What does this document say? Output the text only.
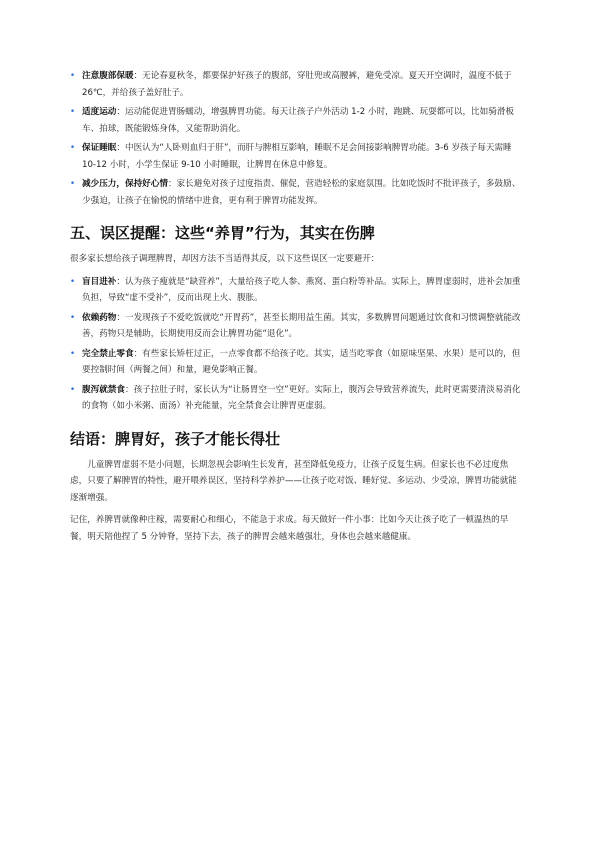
• 注意腹部保暖：无论春夏秋冬，都要保护好孩子的腹部，穿肚兜或高腰裤，避免受凉。夏天开空调时，温度不低于 26℃，并给孩子盖好肚子。
• 适度运动：运动能促进胃肠蠕动，增强脾胃功能。每天让孩子户外活动 1-2 小时，跑跳、玩耍都可以，比如骑滑板车、拍球，既能锻炼身体，又能帮助消化。
• 保证睡眠：中医认为“人卧则血归于肝”，而肝与脾相互影响，睡眠不足会间接影响脾胃功能。3-6 岁孩子每天需睡 10-12 小时，小学生保证 9-10 小时睡眠，让脾胃在休息中修复。
• 减少压力，保持好心情：家长避免对孩子过度指责、催促，营造轻松的家庭氛围。比如吃饭时不批评孩子，多鼓励、少强迫，让孩子在愉悦的情绪中进食，更有利于脾胃功能发挥。
五、误区提醒：这些“养胃”行为，其实在伤脾

很多家长想给孩子调理脾胃，却因方法不当适得其反，以下这些误区一定要避开：

• 盲目进补：认为孩子瘦就是“缺营养”，大量给孩子吃人参、燕窝、蛋白粉等补品。实际上，脾胃虚弱时，进补会加重负担，导致“虚不受补”，反而出现上火、腹胀。
• 依赖药物：一发现孩子不爱吃饭就吃“开胃药”，甚至长期用益生菌。其实，多数脾胃问题通过饮食和习惯调整就能改善，药物只是辅助，长期使用反而会让脾胃功能“退化”。
• 完全禁止零食：有些家长矫枉过正，一点零食都不给孩子吃。其实，适当吃零食（如原味坚果、水果）是可以的，但要控制时间（两餐之间）和量，避免影响正餐。
• 腹泻就禁食：孩子拉肚子时，家长认为“让肠胃空一空”更好。实际上，腹泻会导致营养流失，此时更需要清淡易消化的食物（如小米粥、面汤）补充能量，完全禁食会让脾胃更虚弱。
结语：脾胃好，孩子才能长得壮

儿童脾胃虚弱不是小问题，长期忽视会影响生长发育，甚至降低免疫力，让孩子反复生病。但家长也不必过度焦虑，只要了解脾胃的特性，避开喂养误区，坚持科学养护——让孩子吃对饭、睡好觉、多运动、少受凉，脾胃功能就能逐渐增强。

记住，养脾胃就像种庄稼，需要耐心和细心，不能急于求成。每天做好一件小事：比如今天让孩子吃了一顿温热的早餐，明天陪他捏了 5 分钟脊，坚持下去，孩子的脾胃会越来越强壮，身体也会越来越健康。
